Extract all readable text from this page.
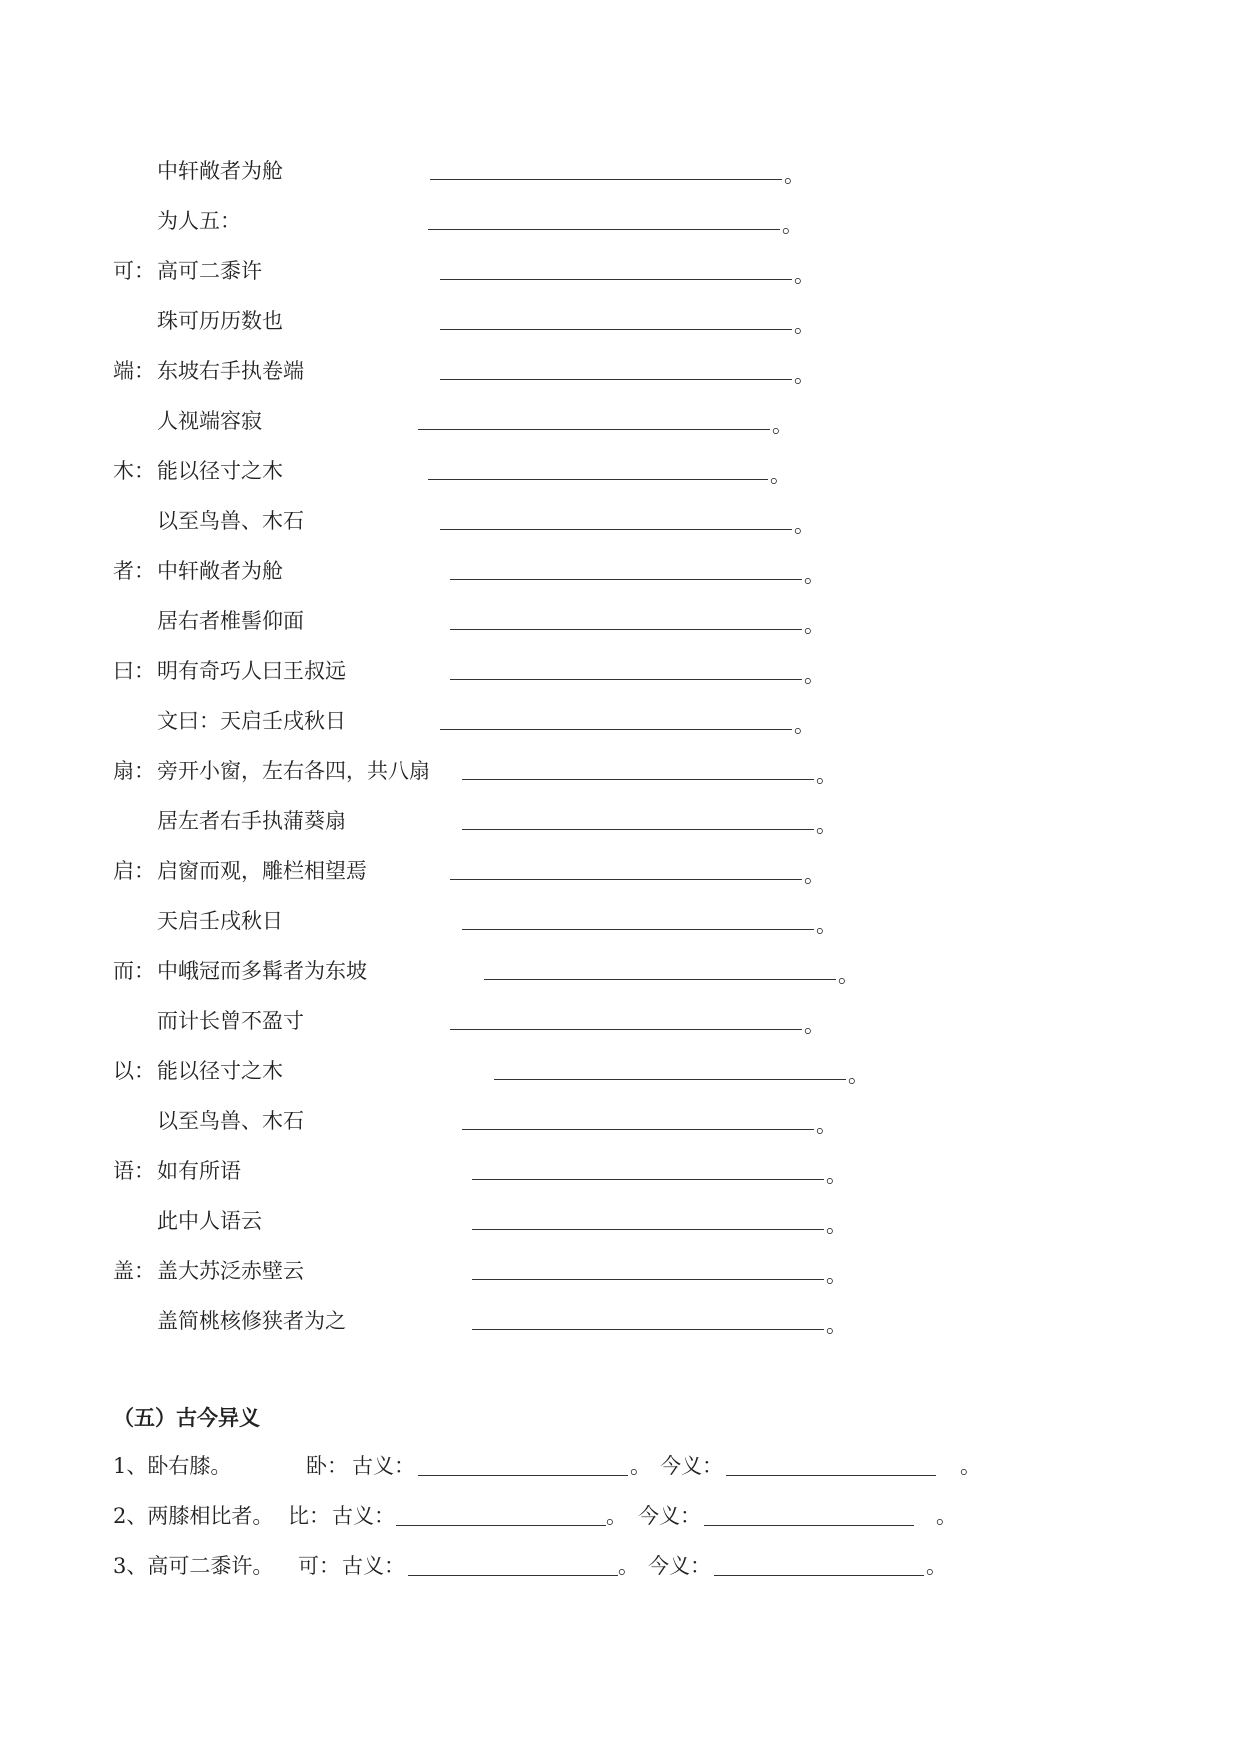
中轩敞者为舱	。
为人五：	。
可： 高可二黍许	。
珠可历历数也	。
端： 东坡右手执卷端	。
人视端容寂	。
木： 能以径寸之木	。
以至鸟兽、木石	。
者： 中轩敞者为舱	。
居右者椎髻仰面	。
曰： 明有奇巧人曰王叔远	。
文曰：天启壬戌秋日	。
扇： 旁开小窗，左右各四，共八扇	。
居左者右手执蒲葵扇	。
启： 启窗而观，雕栏相望焉	。
天启壬戌秋日	。
而： 中峨冠而多髯者为东坡	。
而计长曾不盈寸	。
以： 能以径寸之木	。
以至鸟兽、木石	。
语： 如有所语	。
此中人语云	。
盖： 盖大苏泛赤壁云	。
盖简桃核修狭者为之	。
（五）古今异义
1、卧右膝。	卧： 古义：	。 今义：	。
2、两膝相比者。 比： 古义：	。 今义：	。
3、高可二黍许。 可： 古义：	。 今义：	。
